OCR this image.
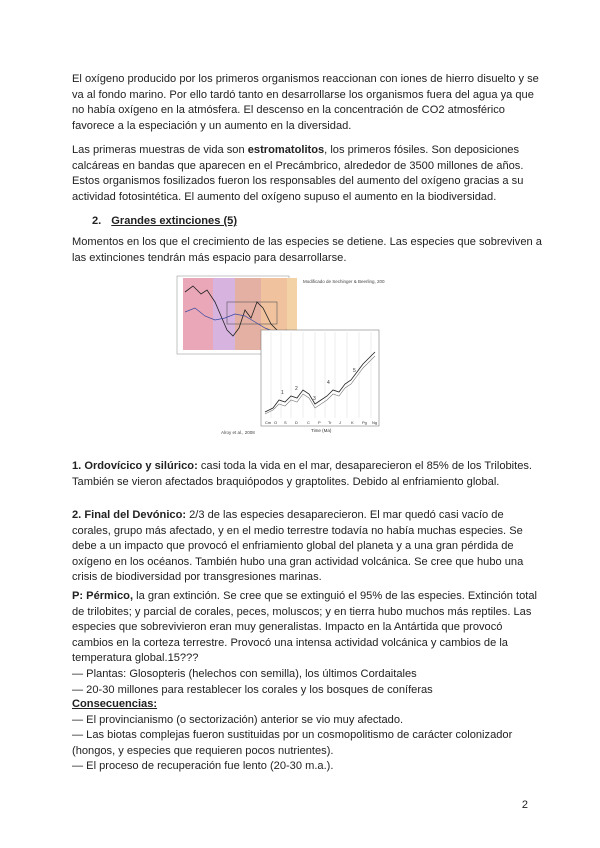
El oxígeno producido por los primeros organismos reaccionan con iones de hierro disuelto y se va al fondo marino. Por ello tardó tanto en desarrollarse los organismos fuera del agua ya que no había oxígeno en la atmósfera. El descenso en la concentración de CO2 atmosférico favorece a la especiación y un aumento en la diversidad.

Las primeras muestras de vida son estromatolitos, los primeros fósiles. Son deposiciones calcáreas en bandas que aparecen en el Precámbrico, alrededor de 3500 millones de años. Estos organismos fosilizados fueron los responsables del aumento del oxígeno gracias a su actividad fotosintética. El aumento del oxígeno supuso el aumento en la biodiversidad.

2. Grandes extinciones (5)

Momentos en los que el crecimiento de las especies se detiene. Las especies que sobreviven a las extinciones tendrán más espacio para desarrollarse.

Modificado de Sechinger & Beerling, 2001
1
2
3
4
5
Cm O S D C P Tr J	K Pg Ng
Time (Ma)
Alroy et al., 2008

1. Ordovícico y silúrico: casi toda la vida en el mar, desaparecieron el 85% de los Trilobites.
También se vieron afectados braquiópodos y graptolites. Debido al enfriamiento global.

2. Final del Devónico: 2/3 de las especies desaparecieron. El mar quedó casi vacío de corales, grupo más afectado, y en el medio terrestre todavía no había muchas especies. Se debe a un impacto que provocó el enfriamiento global del planeta y a una gran pérdida de oxígeno en los océanos. También hubo una gran actividad volcánica. Se cree que hubo una crisis de biodiversidad por transgresiones marinas.

P: Pérmico, la gran extinción. Se cree que se extinguió el 95% de las especies. Extinción total de trilobites; y parcial de corales, peces, moluscos; y en tierra hubo muchos más reptiles. Las especies que sobrevivieron eran muy generalistas. Impacto en la Antártida que provocó cambios en la corteza terrestre. Provocó una intensa actividad volcánica y cambios de la temperatura global.15???
— Plantas: Glosopteris (helechos con semilla), los últimos Cordaitales
— 20-30 millones para restablecer los corales y los bosques de coníferas

Consecuencias:
— El provincianismo (o sectorización) anterior se vio muy afectado.
— Las biotas complejas fueron sustituidas por un cosmopolitismo de carácter colonizador (hongos, y especies que requieren pocos nutrientes).
— El proceso de recuperación fue lento (20-30 m.a.).
2
